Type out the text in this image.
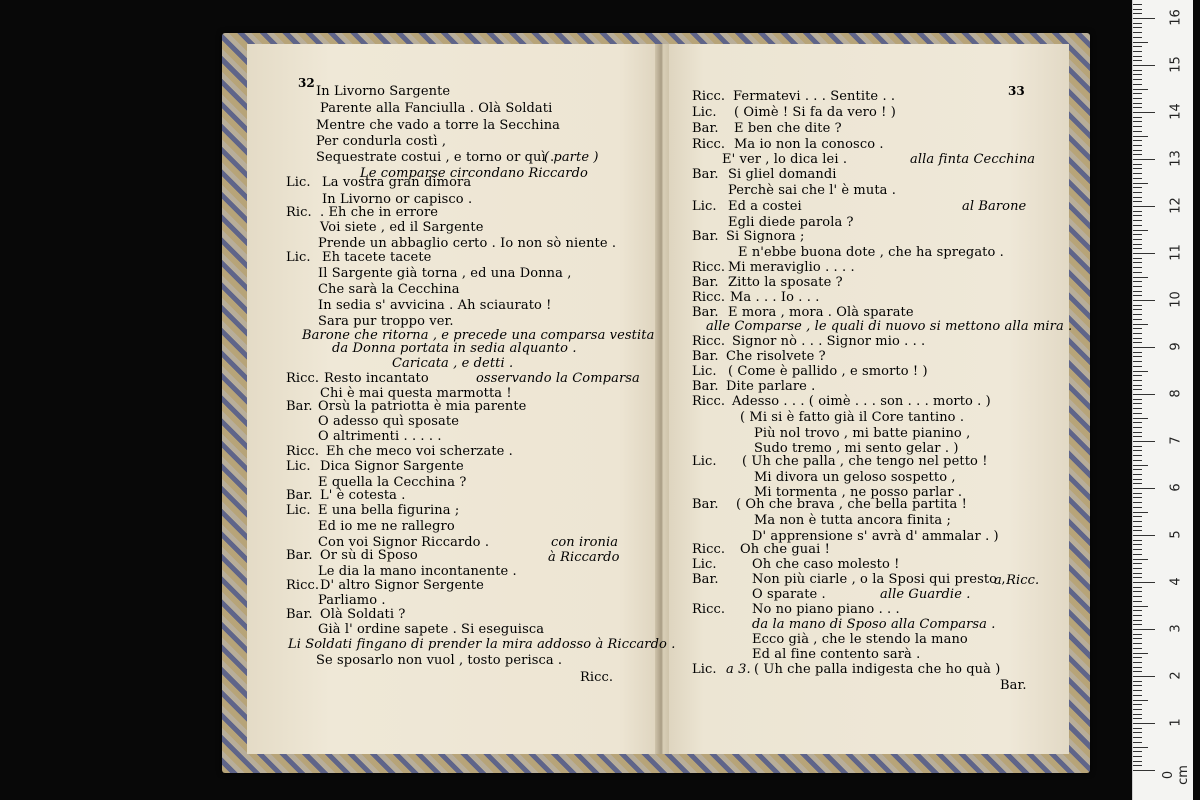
32
In Livorno Sargente
Parente alla Fanciulla . Olà Soldati
Mentre che vado a torre la Secchina
Per condurla costì ,
Sequestrate costui , e torno or quì .
( parte )
Le comparse circondano Riccardo
Lic. La vostra gran dimora
In Livorno or capisco .
Ric. . Eh che in errore
Voi siete , ed il Sargente
Prende un abbaglio certo . Io non sò niente .
Lic. Eh tacete tacete
Il Sargente già torna , ed una Donna ,
Che sarà la Cecchina
In sedia s' avvicina . Ah sciaurato !
Sara pur troppo ver.
Barone che ritorna , e precede una comparsa vestita
da Donna portata in sedia alquanto .
Caricata , e detti .
Ricc. Resto incantato	osservando la Comparsa
Chi è mai questa marmotta !
Bar. Orsù la patriotta è mia parente
O adesso quì sposate
O altrimenti . . . . .
Ricc. Eh che meco voi scherzate .
Lic. Dica Signor Sargente
E quella la Cecchina ?
Bar. L' è cotesta .
Lic. E una bella figurina ;
Ed io me ne rallegro
Con voi Signor Riccardo .	con ironia
Bar. Or sù di Sposo	à Riccardo
Le dia la mano incontanente .
Ricc. D' altro Signor Sergente
Parliamo .
Bar. Olà Soldati ?
Già l' ordine sapete . Si eseguisca
Li Soldati fingano di prender la mira addosso à Riccardo .
Se sposarlo non vuol , tosto perisca .
Ricc.
33
Ricc. Fermatevi . . . Sentite . .
Lic. ( Oimè ! Si fa da vero ! )
Bar. E ben che dite ?
Ricc. Ma io non la conosco .
E' ver , lo dica lei .	alla finta Cecchina
Bar. Si gliel domandi
Perchè sai che l' è muta .
Lic. Ed a costei	al Barone
Egli diede parola ?
Bar. Si Signora ;
E n'ebbe buona dote , che ha spregato .
Ricc. Mi meraviglio . . . .
Bar. Zitto la sposate ?
Ricc. Ma . . . Io . . .
Bar. E mora , mora . Olà sparate
alle Comparse , le quali di nuovo si mettono alla mira .
Ricc. Signor nò . . . Signor mio . . .
Bar. Che risolvete ?
Lic. ( Come è pallido , e smorto ! )
Bar. Dite parlare .
Ricc. Adesso . . . ( oimè . . . son . . . morto . )
( Mi si è fatto già il Core tantino .
Più nol trovo , mi batte pianino ,
Sudo tremo , mi sento gelar . )
Lic. ( Uh che palla , che tengo nel petto !
Mi divora un geloso sospetto ,
Mi tormenta , ne posso parlar .
Bar. ( Oh che brava , che bella partita !
Ma non è tutta ancora finita ;
D' apprensione s' avrà d' ammalar . )
Ricc. Oh che guai !
Lic.	Oh che caso molesto !
Bar.	Non più ciarle , o la Sposi qui presto ,
a Ricc.
O sparate .	alle Guardie .
Ricc. No no piano piano . . .
da la mano di Sposo alla Comparsa .
Ecco già , che le stendo la mano
Ed al fine contento sarà .
Lic. a 3. ( Uh che palla indigesta che ho quà )
Bar.
0 cm
1
2
3
4
5
6
7
8
9
10
11
12
13
14
15
16
